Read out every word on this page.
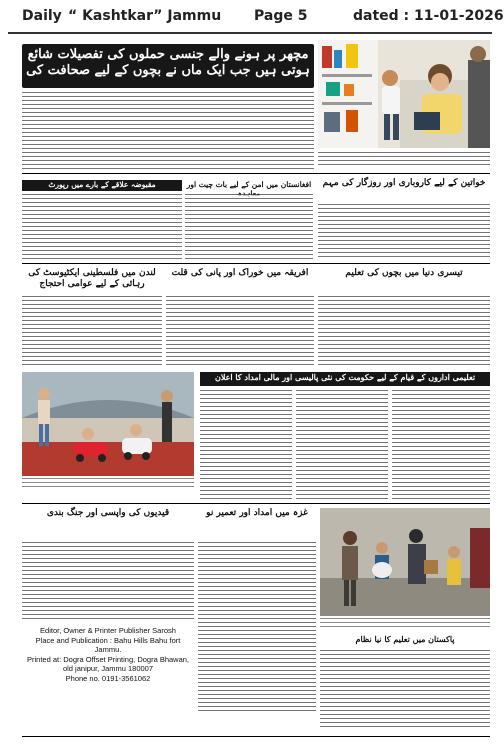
Daily “ Kashtkar” Jammu Page 5	dated : 11-01-2026
مچھر پر ہونے والے جنسی حملوں کی تفصیلات شائع ہوتی ہیں جب ایک ماں نے بچوں کے لیے صحافت کی
مقبوضہ علاقے کے بارے میں رپورٹ	افغانستان میں امن کے لیے بات چیت اور	خواتین کے لیے کاروباری اور روزگار کی مہم
لندن میں فلسطینی ایکٹیوسٹ کی رہائی کے لیے عوامی احتجاج
افریقہ میں خوراک اور پانی کی قلت	تیسری دنیا میں بچوں کی تعلیم
تعلیمی اداروں کے قیام کے لیے حکومت کی نئی پالیسی اور مالی امداد کا اعلان
قیدیوں کی واپسی اور جنگ بندی	غزہ میں امداد اور تعمیر نو
پاکستان میں تعلیم کا نیا نظام
Editor, Owner & Printer Publisher Sarosh
Place and Publication : Bahu Hills Bahu fort Jammu.
Printed at: Dogra Offset Printing, Dogra Bhawan,
old janipur, Jammu 180007
Phone no. 0191-3561062
